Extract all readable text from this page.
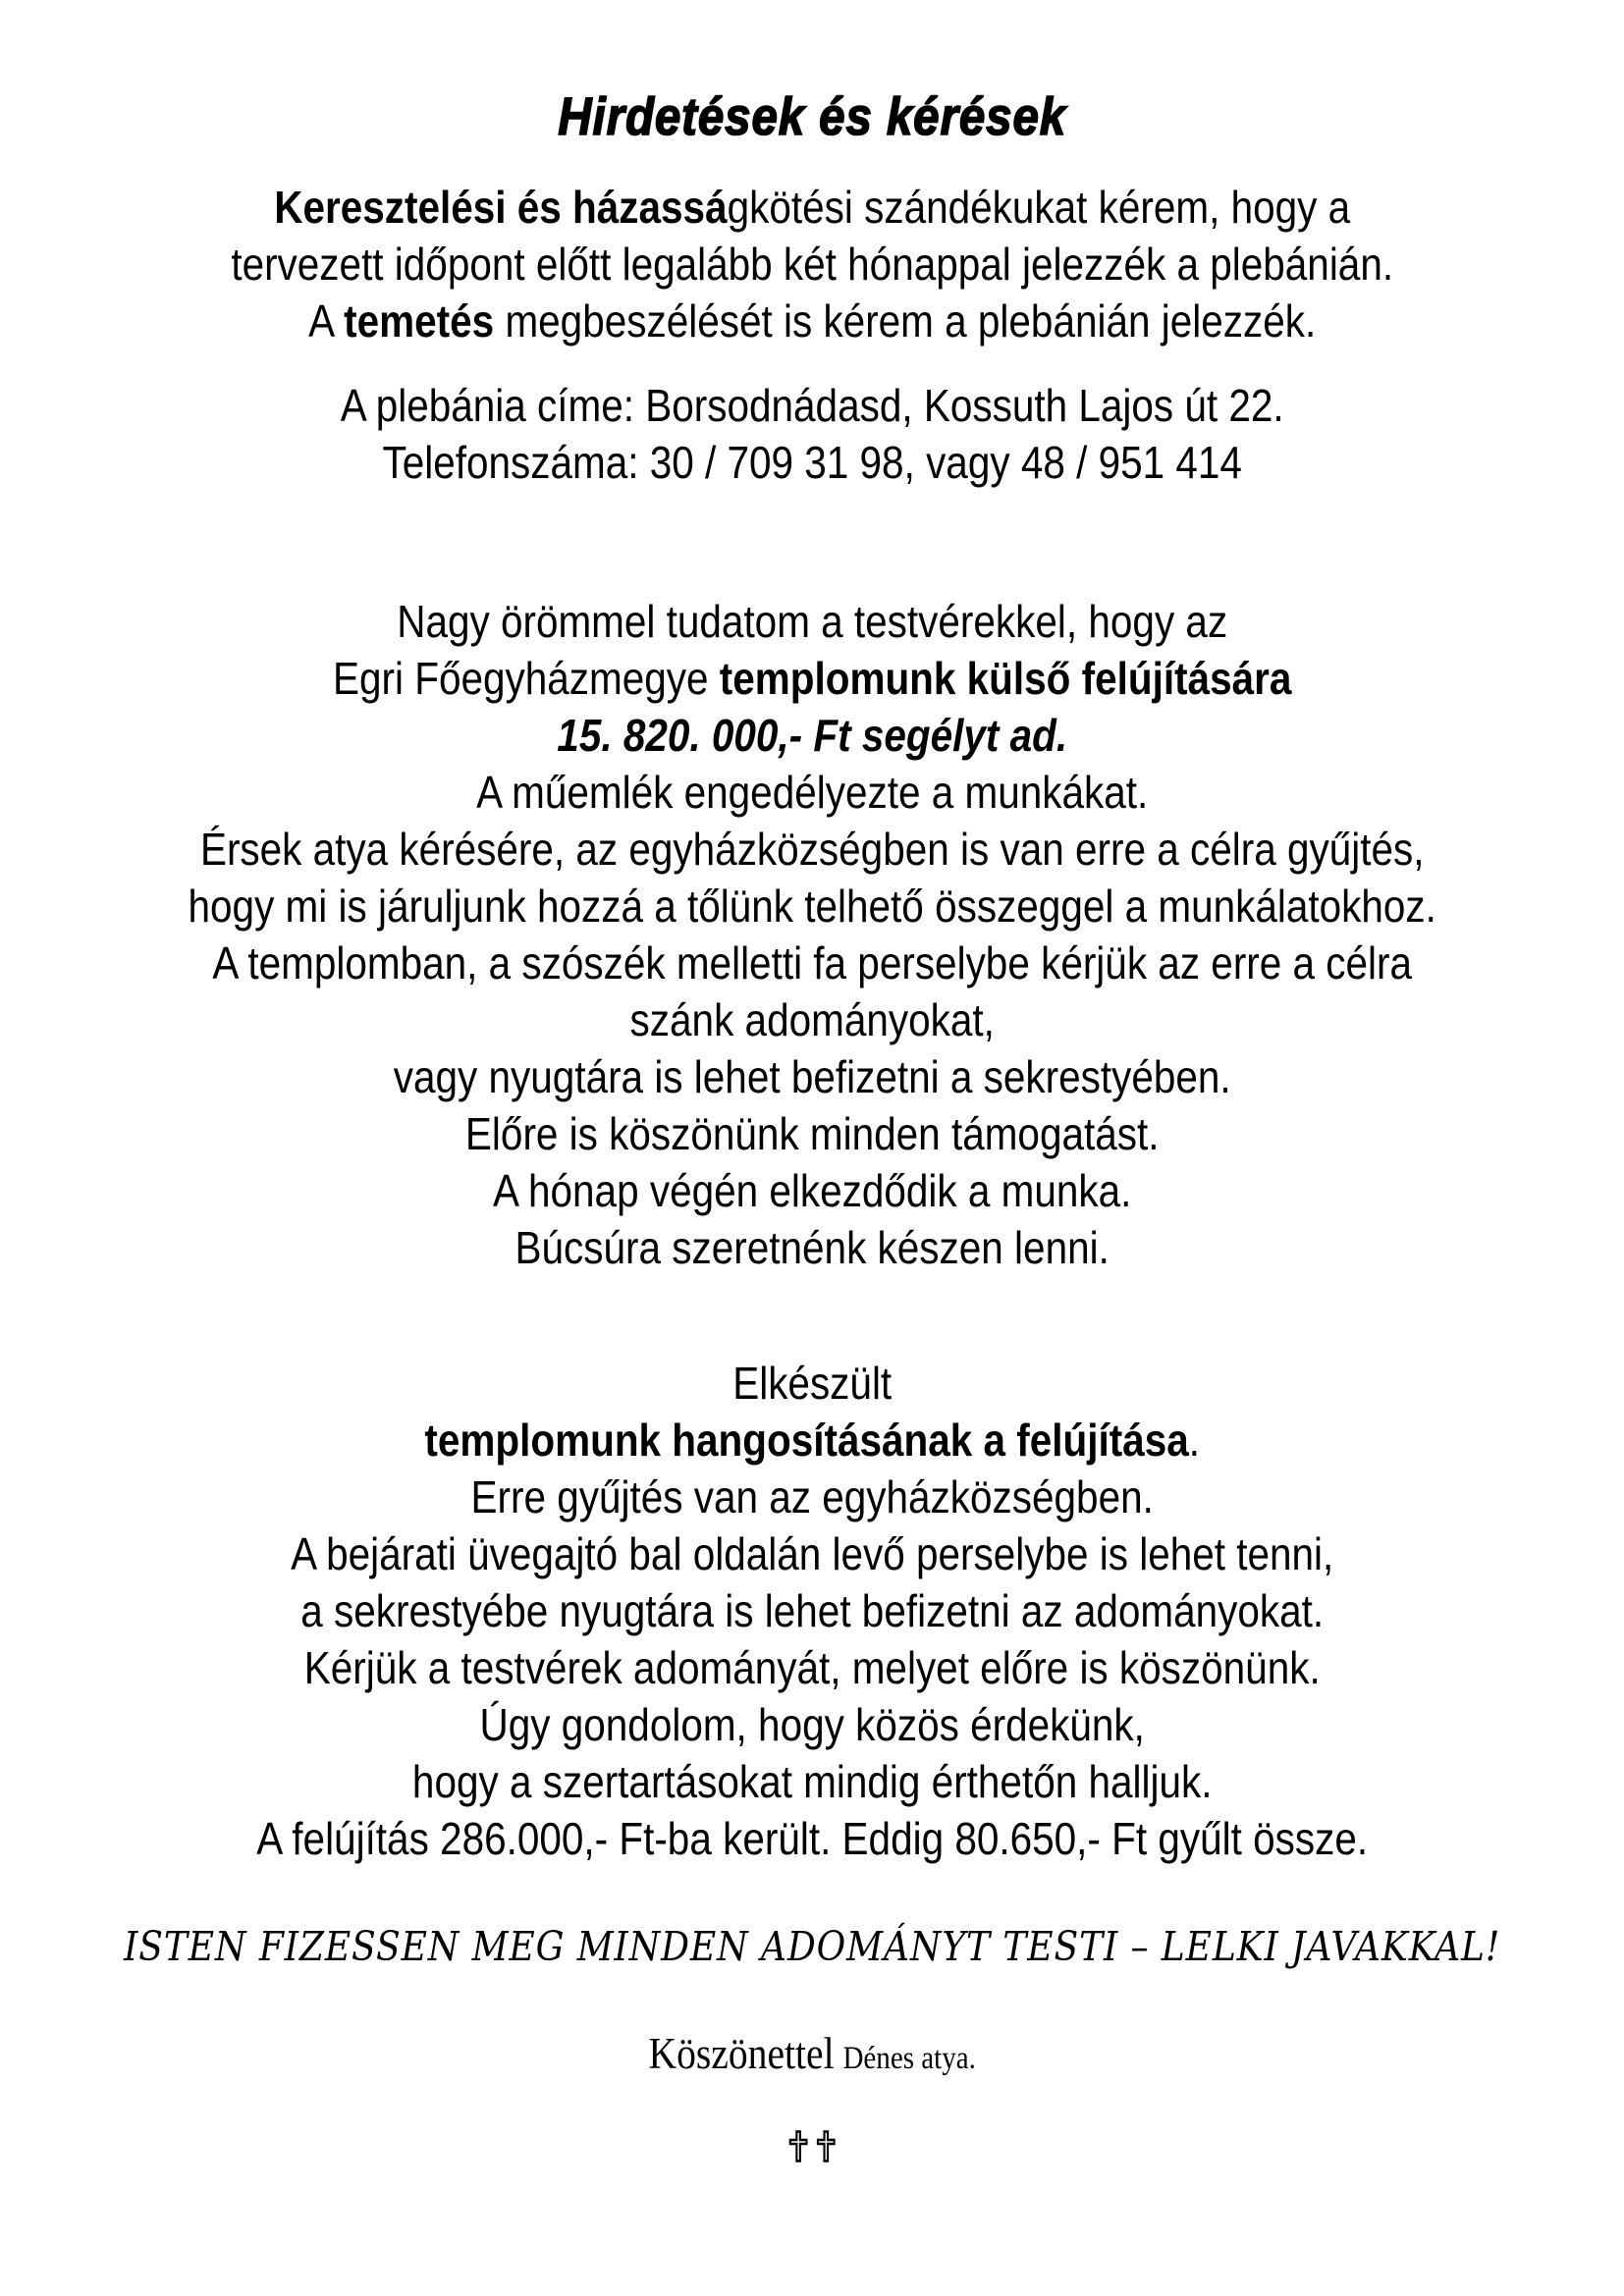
Hirdetések és kérések

Keresztelési és házasságkötési szándékukat kérem, hogy a
tervezett időpont előtt legalább két hónappal jelezzék a plebánián.
A temetés megbeszélését is kérem a plebánián jelezzék.

A plebánia címe: Borsodnádasd, Kossuth Lajos út 22.
Telefonszáma: 30 / 709 31 98, vagy 48 / 951 414

Nagy örömmel tudatom a testvérekkel, hogy az
Egri Főegyházmegye templomunk külső felújítására
15. 820. 000,- Ft segélyt ad.
A műemlék engedélyezte a munkákat.
Érsek atya kérésére, az egyházközségben is van erre a célra gyűjtés,
hogy mi is járuljunk hozzá a tőlünk telhető összeggel a munkálatokhoz.
A templomban, a szószék melletti fa perselybe kérjük az erre a célra
szánk adományokat,
vagy nyugtára is lehet befizetni a sekrestyében.
Előre is köszönünk minden támogatást.
A hónap végén elkezdődik a munka.
Búcsúra szeretnénk készen lenni.

Elkészült
templomunk hangosításának a felújítása.
Erre gyűjtés van az egyházközségben.
A bejárati üvegajtó bal oldalán levő perselybe is lehet tenni,
a sekrestyébe nyugtára is lehet befizetni az adományokat.
Kérjük a testvérek adományát, melyet előre is köszönünk.
Úgy gondolom, hogy közös érdekünk,
hogy a szertartásokat mindig érthetőn halljuk.
A felújítás 286.000,- Ft-ba került. Eddig 80.650,- Ft gyűlt össze.

ISTEN FIZESSEN MEG MINDEN ADOMÁNYT TESTI – LELKI JAVAKKAL!
Köszönettel Dénes atya.
